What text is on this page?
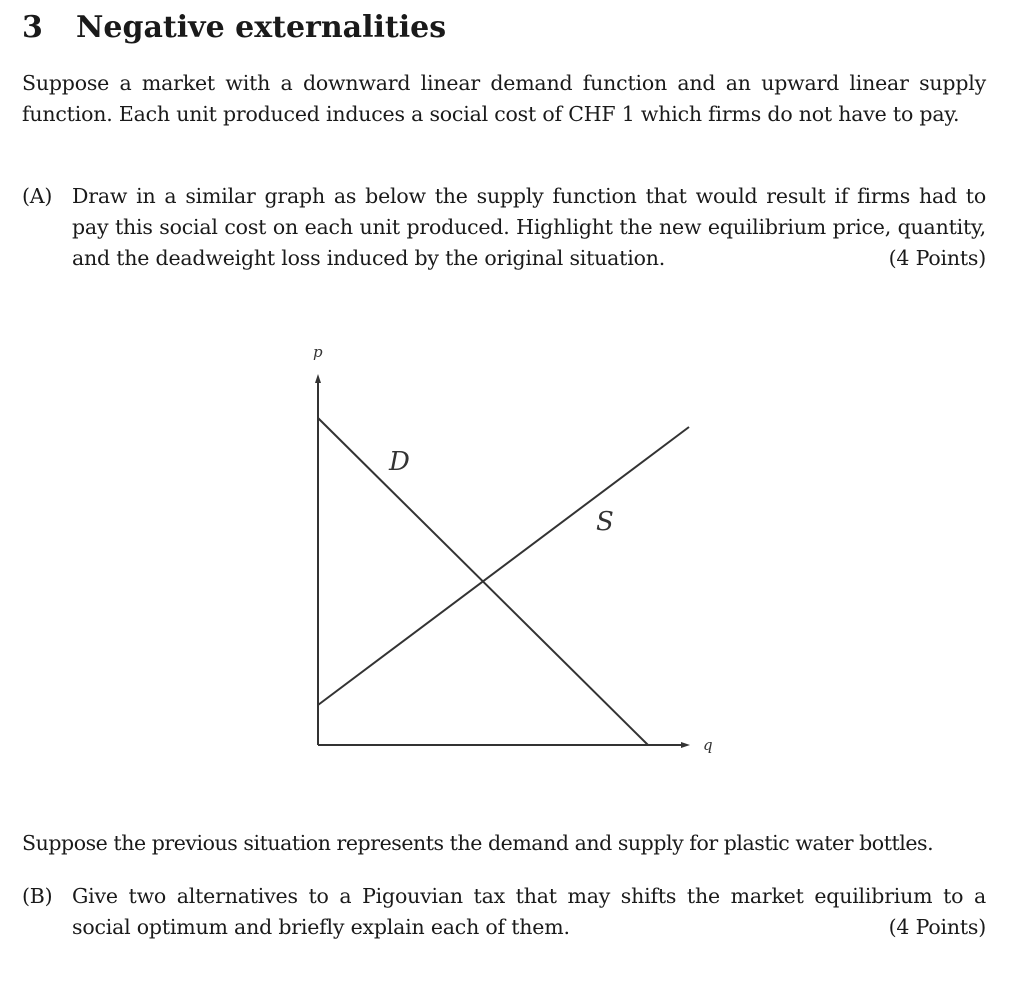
3 Negative externalities
Suppose a market with a downward linear demand function and an upward linear supply function. Each unit produced induces a social cost of CHF 1 which firms do not have to pay.
(A) Draw in a similar graph as below the supply function that would result if firms had to pay this social cost on each unit produced. Highlight the new equilibrium price, quantity, and the deadweight loss induced by the original situation.	(4 Points)
p
q
D
S
Suppose the previous situation represents the demand and supply for plastic water bottles.
(B) Give two alternatives to a Pigouvian tax that may shifts the market equilibrium to a social optimum and briefly explain each of them.	(4 Points)
